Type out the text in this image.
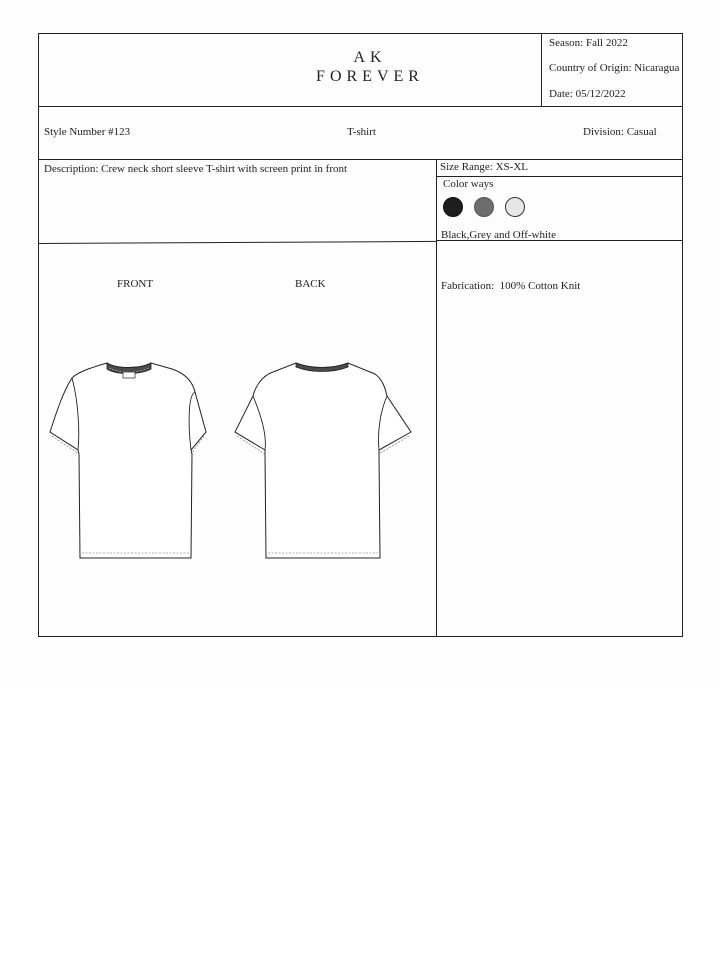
AK
FOREVER
Season: Fall 2022
Country of Origin: Nicaragua
Date: 05/12/2022
Style Number #123	T-shirt	Division: Casual
Description: Crew neck short sleeve T-shirt with screen print in front	Size Range: XS-XL
Color ways
Black,Grey and Off-white
FRONT	BACK	Fabrication:  100% Cotton Knit
